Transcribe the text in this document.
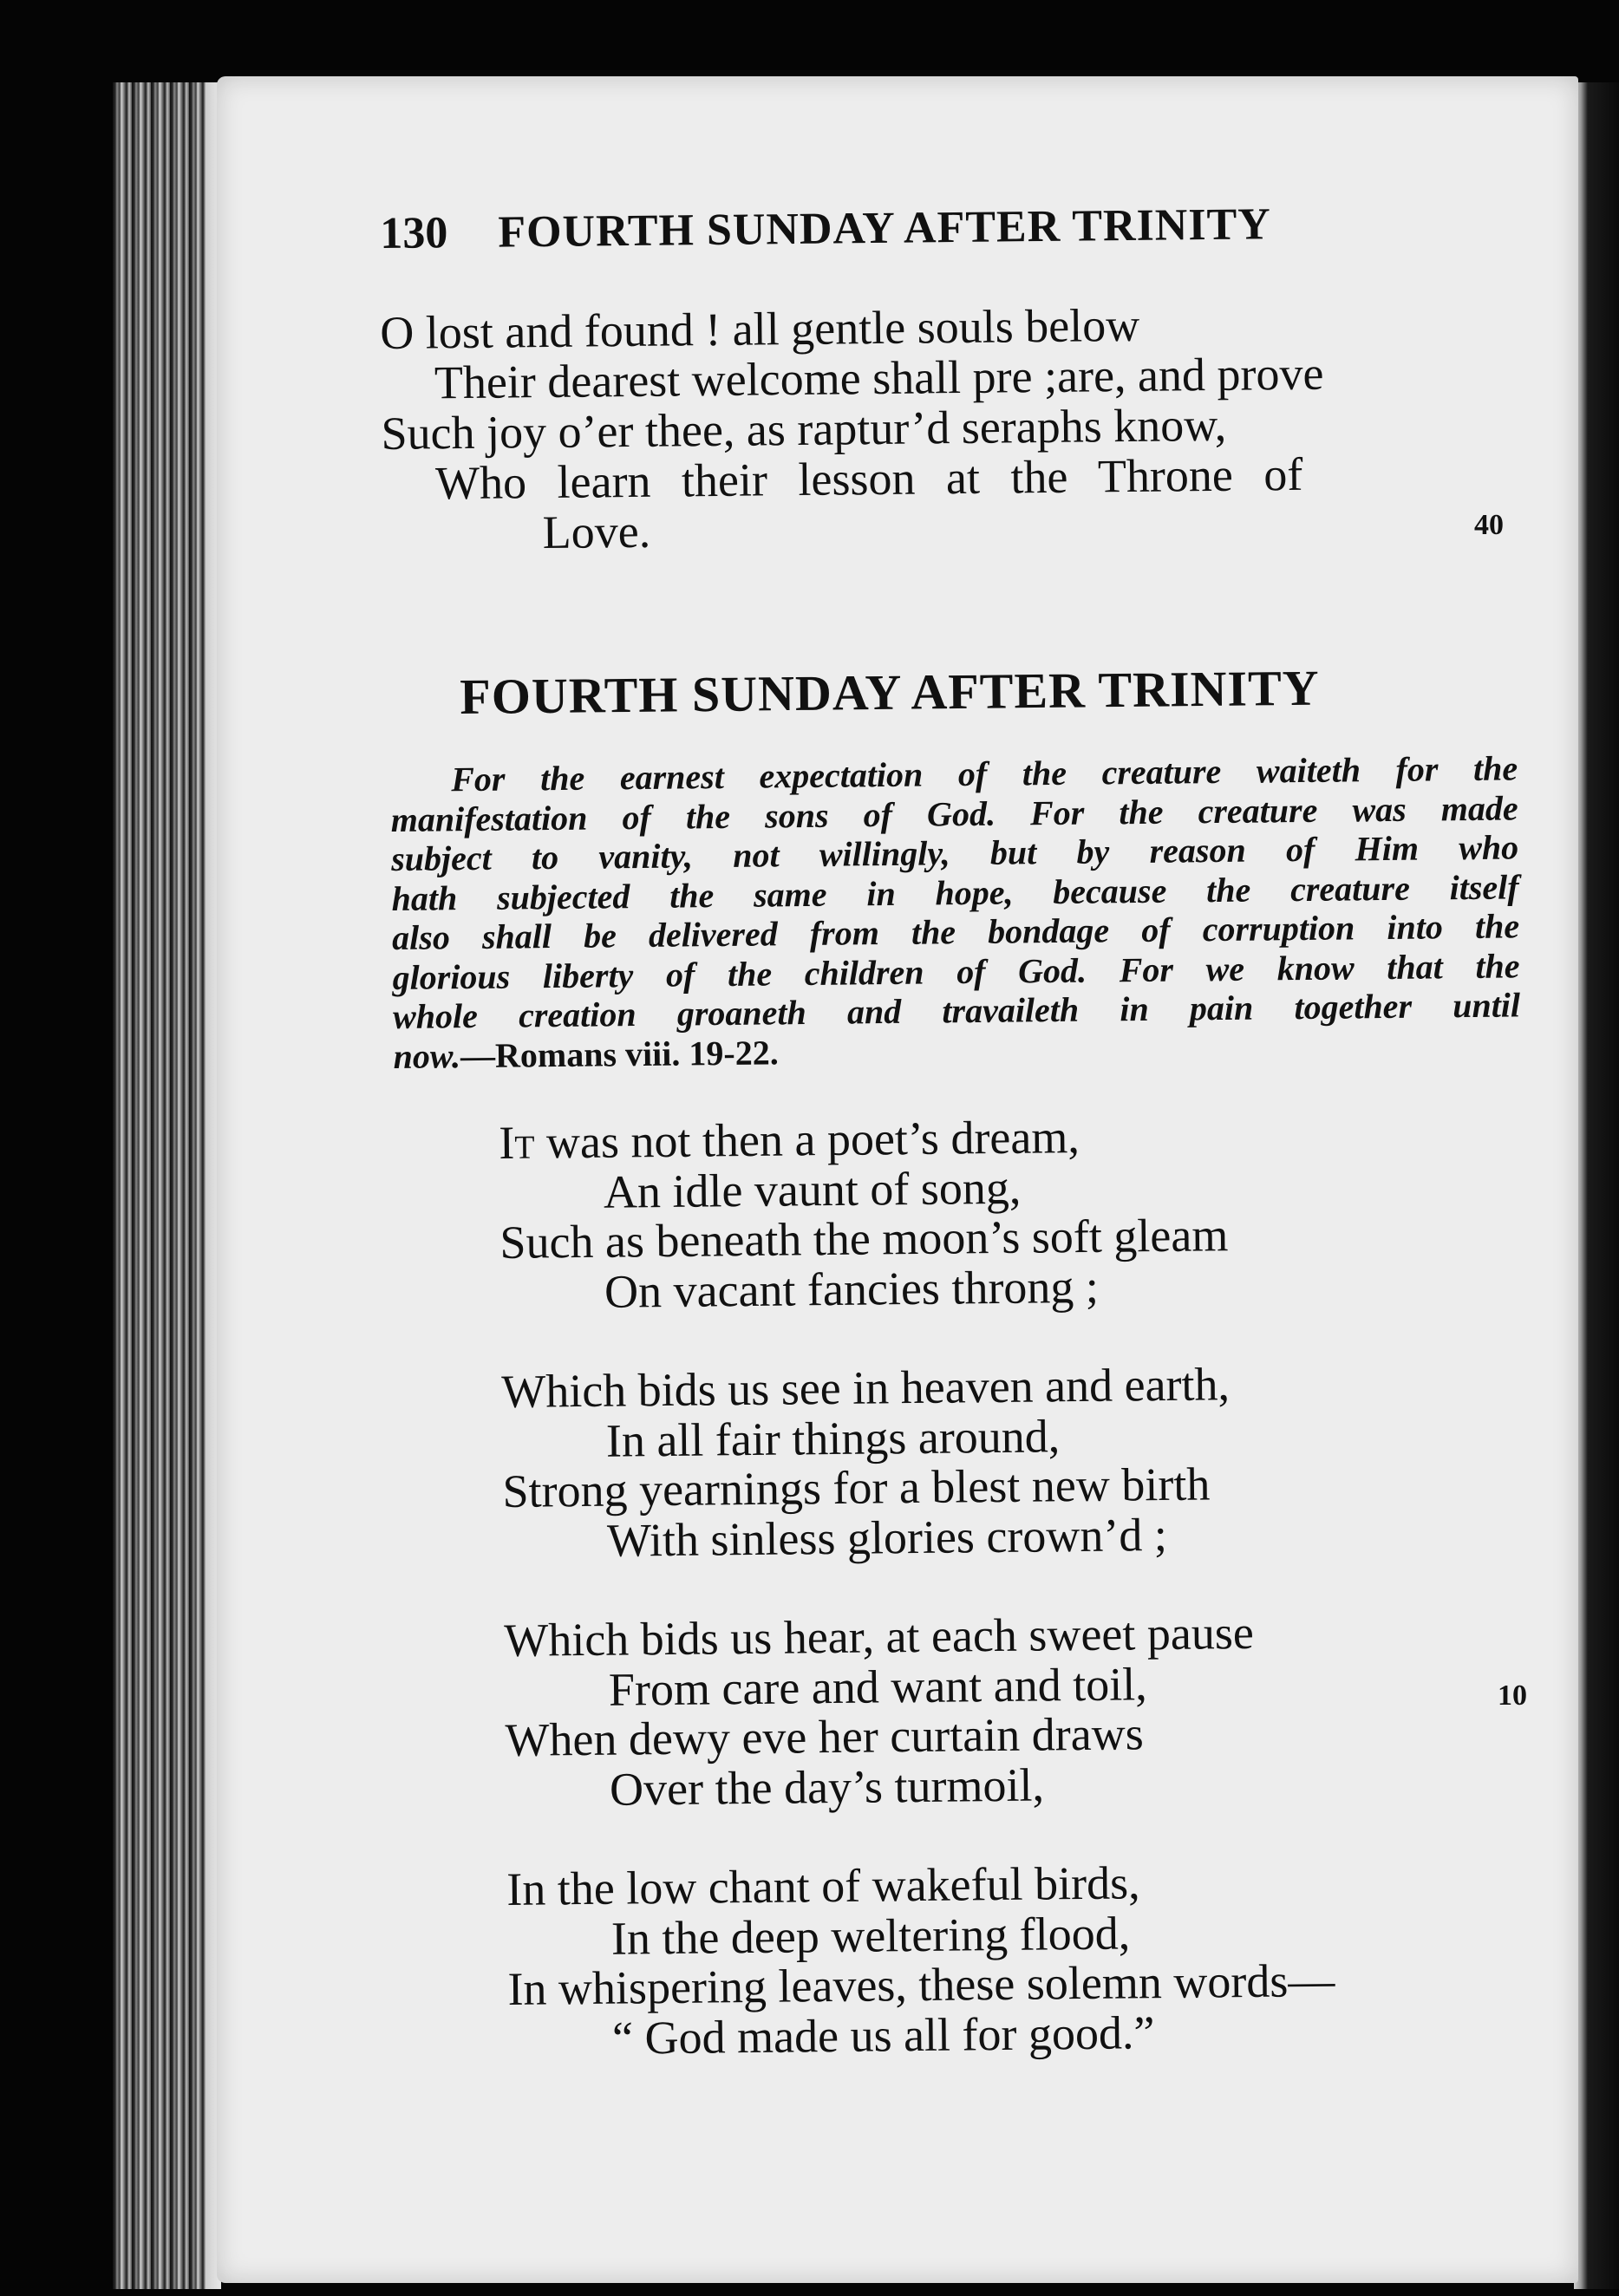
130 FOURTH SUNDAY AFTER TRINITY
O lost and found ! all gentle souls below
Their dearest welcome shall pre ;are, and prove
Such joy o’er thee, as raptur’d seraphs know,
Who learn their lesson at the Throne of
Love.	40
FOURTH SUNDAY AFTER TRINITY
For the earnest expectation of the creature waiteth for the
manifestation of the sons of God. For the creature was made
subject to vanity, not willingly, but by reason of Him who
hath subjected the same in hope, because the creature itself
also shall be delivered from the bondage of corruption into the
glorious liberty of the children of God. For we know that the
whole creation groaneth and travaileth in pain together until
now.—Romans viii. 19-22.
It was not then a poet’s dream,
An idle vaunt of song,
Such as beneath the moon’s soft gleam
On vacant fancies throng ;
Which bids us see in heaven and earth,
In all fair things around,
Strong yearnings for a blest new birth
With sinless glories crown’d ;
Which bids us hear, at each sweet pause
From care and want and toil,
When dewy eve her curtain draws
Over the day’s turmoil,
In the low chant of wakeful birds,
In the deep weltering flood,
In whispering leaves, these solemn words—
“ God made us all for good.”
10
